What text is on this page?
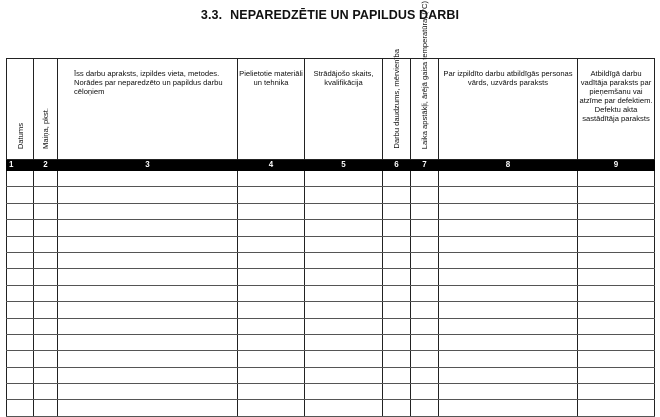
3.3. NEPAREDZĒTIE UN PAPILDUS DARBI
Datums	Maiņa, pkst.	Īss darbu apraksts, izpildes vieta, metodes. Norādes par neparedzēto un papildus darbu cēloņiem	Pielietotie materiāli un tehnika	Strādājošo skaits, kvalifikācija	Darbu daudzums, mērvienība	Laika apstākļi, ārējā gaisa temperatūra, (°C)	Par izpildīto darbu atbildīgās personas vārds, uzvārds paraksts	Atbildīgā darbu vadītāja paraksts par pieņemšanu vai atzīme par defektiem. Defektu akta sastādītāja paraksts
1	2	3	4	5	6	7	8	9
